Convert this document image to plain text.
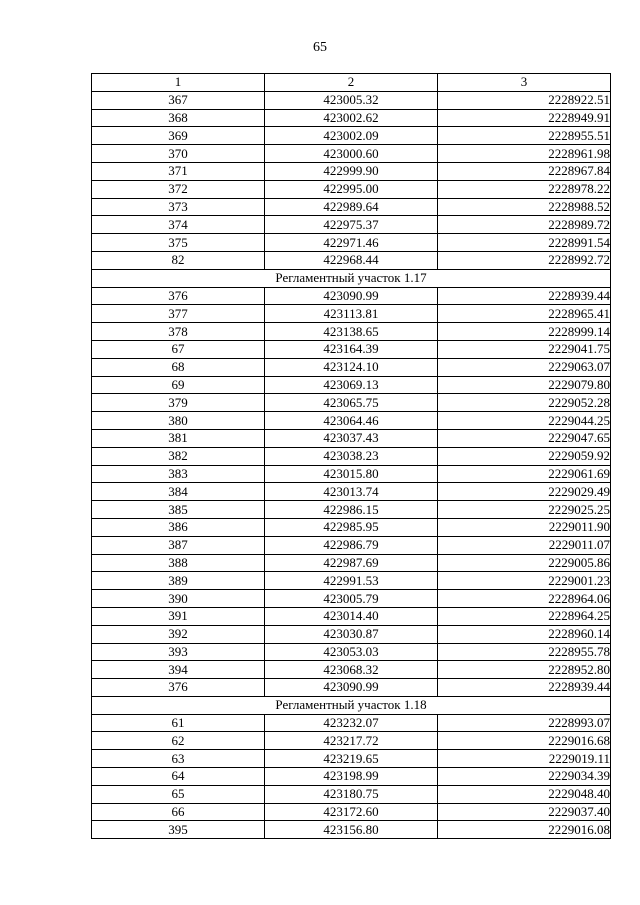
65
1	2	3
367	423005.32	2228922.51
368	423002.62	2228949.91
369	423002.09	2228955.51
370	423000.60	2228961.98
371	422999.90	2228967.84
372	422995.00	2228978.22
373	422989.64	2228988.52
374	422975.37	2228989.72
375	422971.46	2228991.54
82	422968.44	2228992.72
Регламентный участок 1.17		
376	423090.99	2228939.44
377	423113.81	2228965.41
378	423138.65	2228999.14
67	423164.39	2229041.75
68	423124.10	2229063.07
69	423069.13	2229079.80
379	423065.75	2229052.28
380	423064.46	2229044.25
381	423037.43	2229047.65
382	423038.23	2229059.92
383	423015.80	2229061.69
384	423013.74	2229029.49
385	422986.15	2229025.25
386	422985.95	2229011.90
387	422986.79	2229011.07
388	422987.69	2229005.86
389	422991.53	2229001.23
390	423005.79	2228964.06
391	423014.40	2228964.25
392	423030.87	2228960.14
393	423053.03	2228955.78
394	423068.32	2228952.80
376	423090.99	2228939.44
Регламентный участок 1.18		
61	423232.07	2228993.07
62	423217.72	2229016.68
63	423219.65	2229019.11
64	423198.99	2229034.39
65	423180.75	2229048.40
66	423172.60	2229037.40
395	423156.80	2229016.08
